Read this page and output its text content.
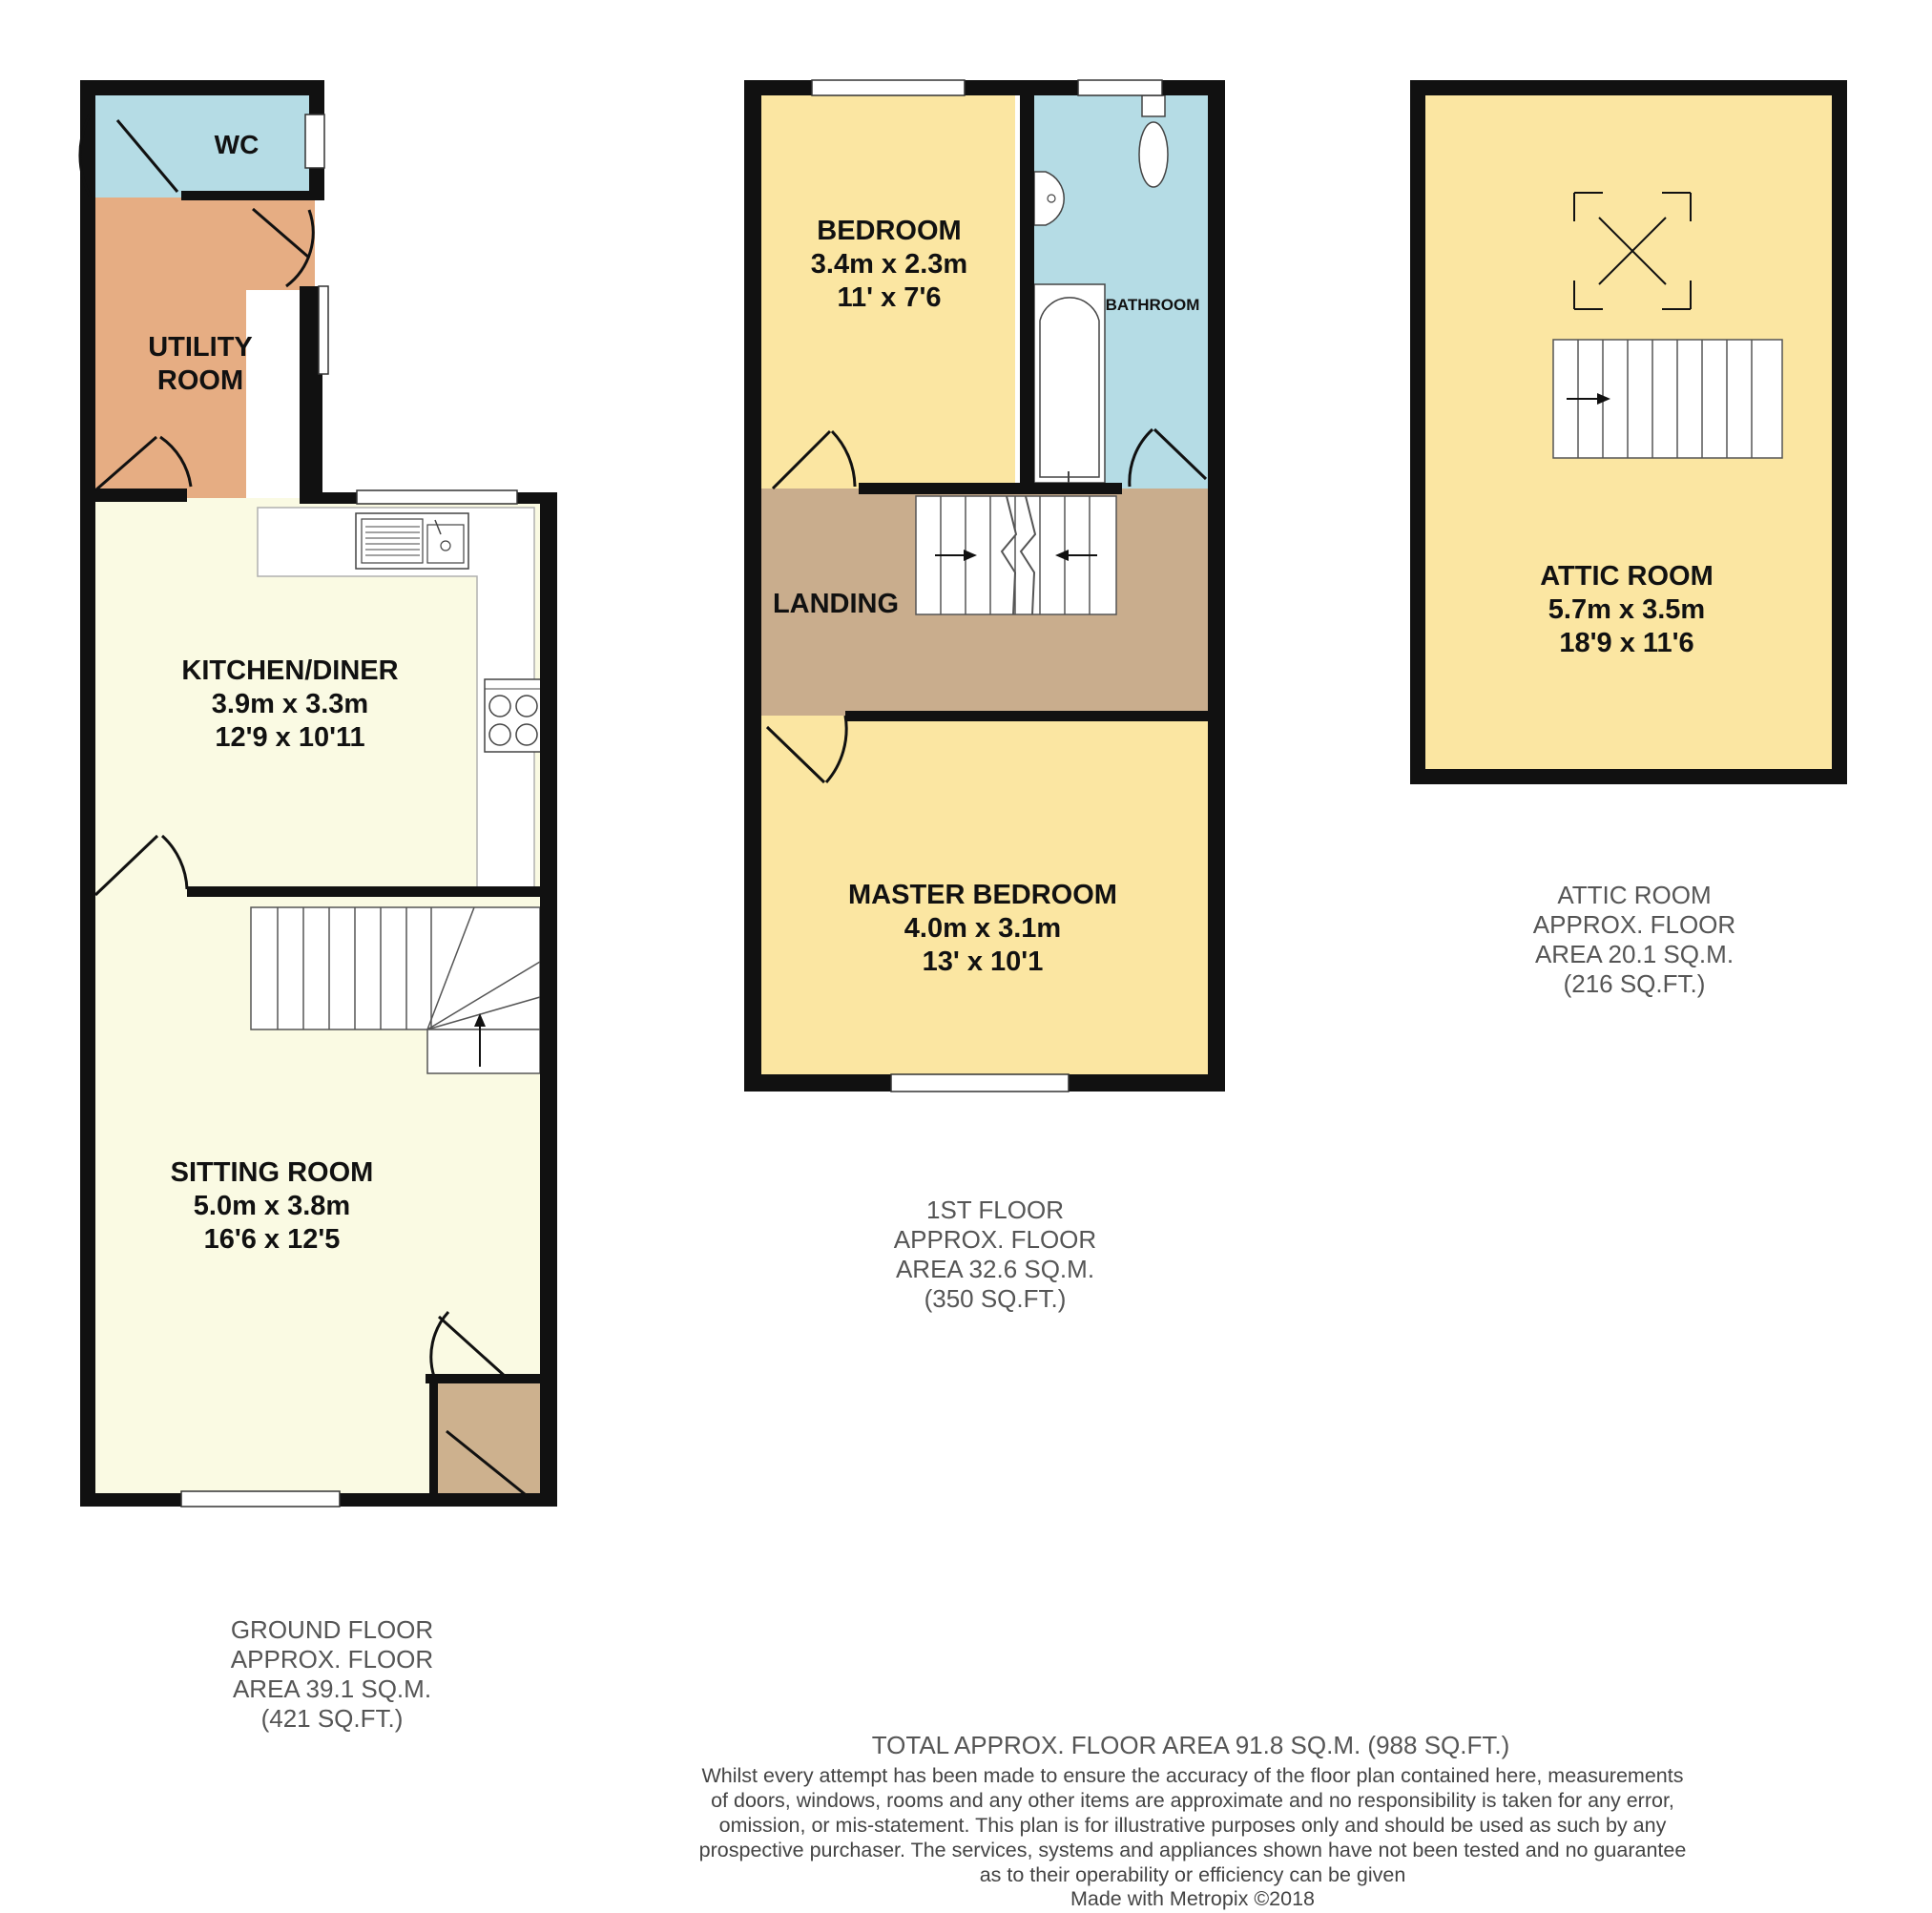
WC
UTILITY
ROOM
KITCHEN/DINER
3.9m x 3.3m
12'9 x 10'11
SITTING ROOM
5.0m x 3.8m
16'6 x 12'5
BEDROOM
3.4m x 2.3m
11' x 7'6	BATHROOM
LANDING
MASTER BEDROOM
4.0m x 3.1m
13' x 10'1
ATTIC ROOM
5.7m x 3.5m
18'9 x 11'6
GROUND FLOOR
APPROX. FLOOR
AREA 39.1 SQ.M.
(421 SQ.FT.)
1ST FLOOR
APPROX. FLOOR
AREA 32.6 SQ.M.
(350 SQ.FT.)
ATTIC ROOM
APPROX. FLOOR
AREA 20.1 SQ.M.
(216 SQ.FT.)
TOTAL APPROX. FLOOR AREA 91.8 SQ.M. (988 SQ.FT.)
Whilst every attempt has been made to ensure the accuracy of the floor plan contained here, measurements
of doors, windows, rooms and any other items are approximate and no responsibility is taken for any error,
omission, or mis-statement. This plan is for illustrative purposes only and should be used as such by any
prospective purchaser. The services, systems and appliances shown have not been tested and no guarantee
as to their operability or efficiency can be given
Made with Metropix ©2018
